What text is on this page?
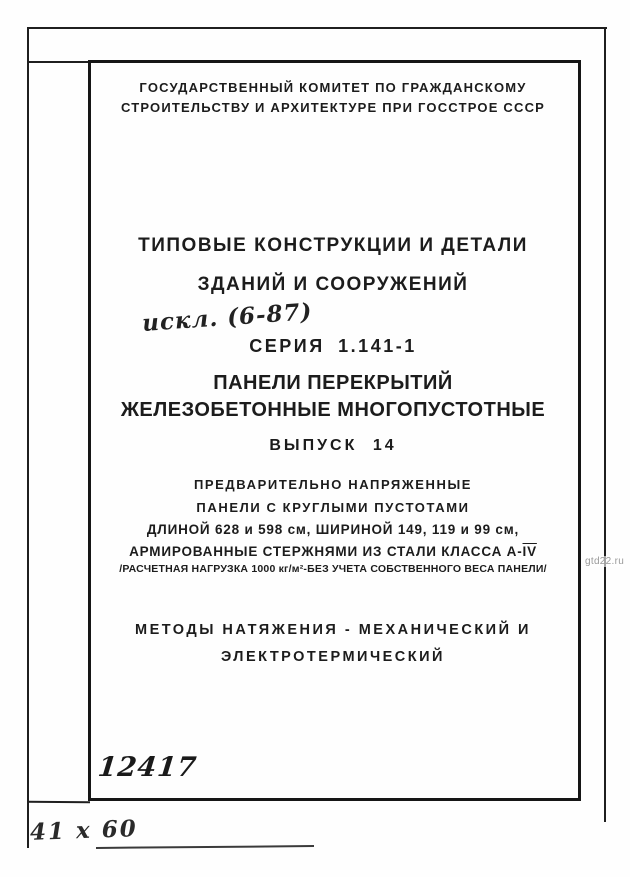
ГОСУДАРСТВЕННЫЙ КОМИТЕТ ПО ГРАЖДАНСКОМУ
СТРОИТЕЛЬСТВУ И АРХИТЕКТУРЕ ПРИ ГОССТРОЕ СССР
ТИПОВЫЕ КОНСТРУКЦИИ И ДЕТАЛИ
ЗДАНИЙ И СООРУЖЕНИЙ
искл. (6-87)
СЕРИЯ 1.141-1
ПАНЕЛИ ПЕРЕКРЫТИЙ
ЖЕЛЕЗОБЕТОННЫЕ МНОГОПУСТОТНЫЕ
ВЫПУСК 14
ПРЕДВАРИТЕЛЬНО НАПРЯЖЕННЫЕ
ПАНЕЛИ С КРУГЛЫМИ ПУСТОТАМИ
ДЛИНОЙ 628 и 598 см, ШИРИНОЙ 149, 119 и 99 см,
АРМИРОВАННЫЕ СТЕРЖНЯМИ ИЗ СТАЛИ КЛАССА $А-\overline{IV}$
/РАСЧЕТНАЯ НАГРУЗКА 1000 кг/м²-БЕЗ УЧЕТА СОБСТВЕННОГО ВЕСА ПАНЕЛИ/
МЕТОДЫ НАТЯЖЕНИЯ - МЕХАНИЧЕСКИЙ И
ЭЛЕКТРОТЕРМИЧЕСКИЙ
12417
41 х 60
gtd22.ru
